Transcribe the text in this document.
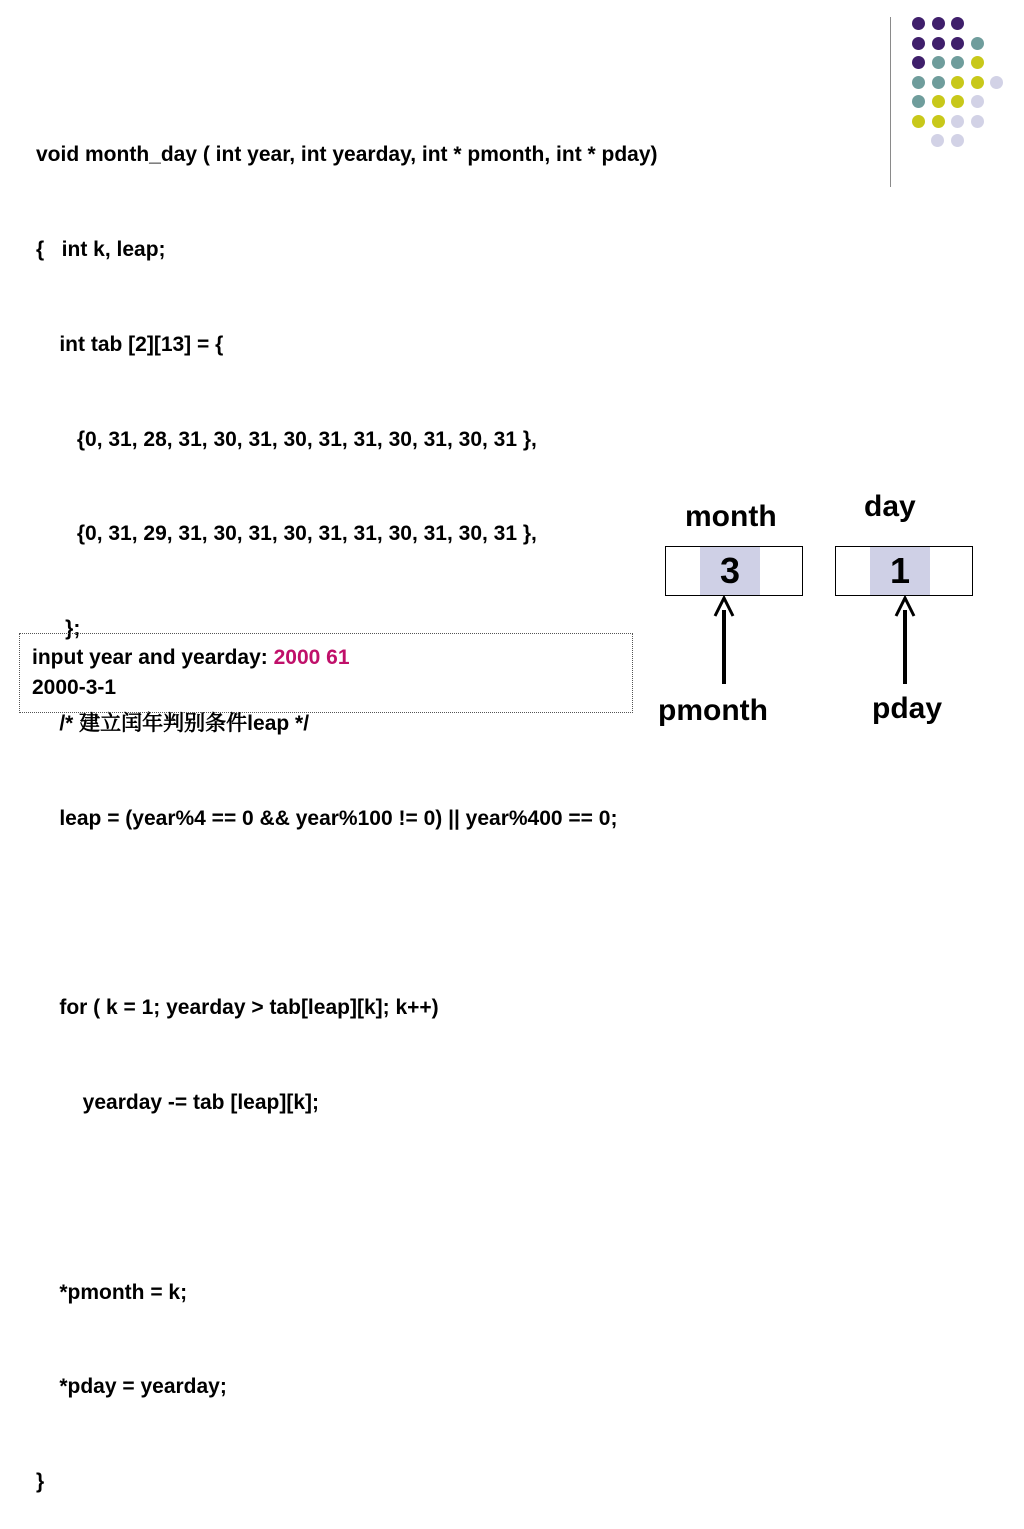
void month_day ( int year, int yearday, int * pmonth, int * pday)

{   int k, leap;

int tab [2][13] = {

{0, 31, 28, 31, 30, 31, 30, 31, 31, 30, 31, 30, 31 },

{0, 31, 29, 31, 30, 31, 30, 31, 31, 30, 31, 30, 31 },

};

/* 建立闰年判别条件leap */

leap = (year%4 == 0 && year%100 != 0) || year%400 == 0;

for ( k = 1; yearday > tab[leap][k]; k++)

yearday -= tab [leap][k];

*pmonth = k;

*pday = yearday;

}

input year and yearday: 2000 61
2000-3-1
month
3
pmonth
day
1
pday
